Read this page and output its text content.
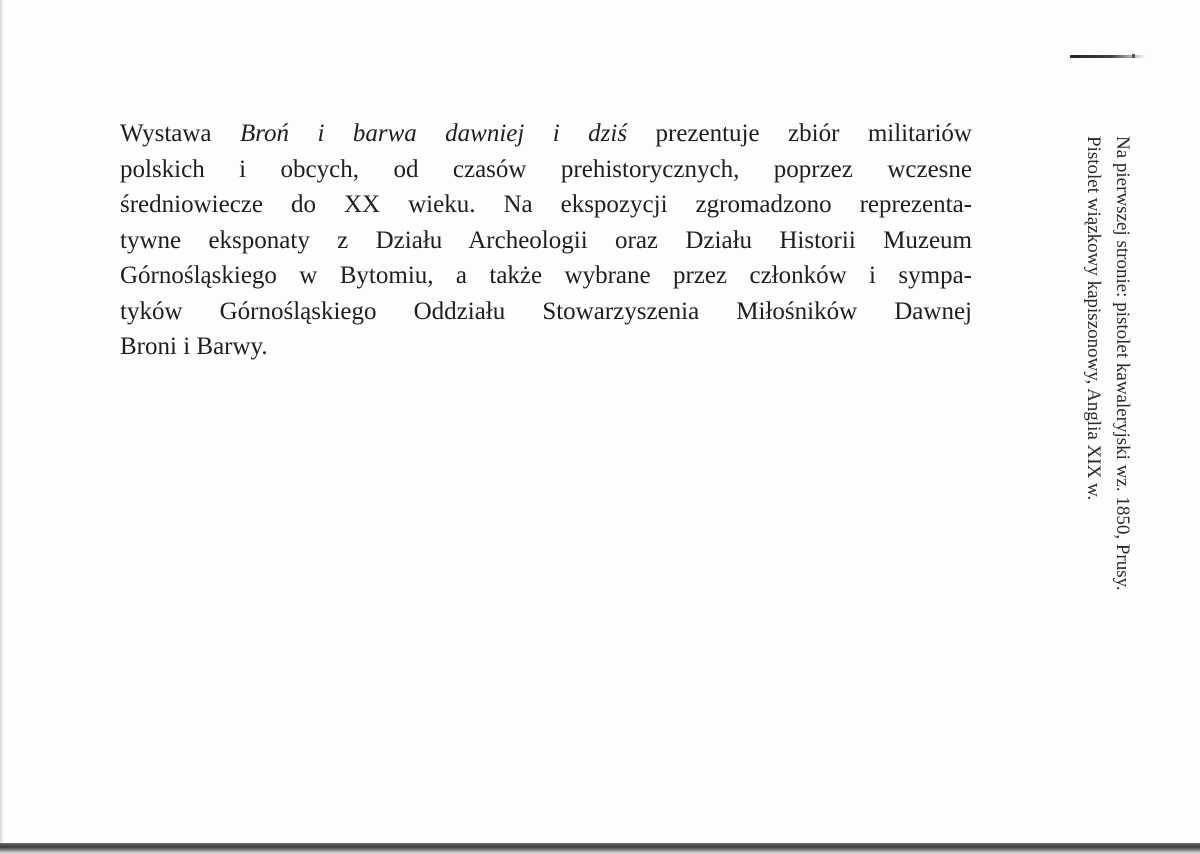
Wystawa Broń i barwa dawniej i dziś prezentuje zbiór militariów
polskich i obcych, od czasów prehistorycznych, poprzez wczesne
średniowiecze do XX wieku. Na ekspozycji zgromadzono reprezenta-
tywne eksponaty z Działu Archeologii oraz Działu Historii Muzeum
Górnośląskiego w Bytomiu, a także wybrane przez członków i sympa-
tyków Górnośląskiego Oddziału Stowarzyszenia Miłośników Dawnej
Broni i Barwy.	Na pierwszej stronie: pistolet kawaleryjski wz. 1850, Prusy.
Pistolet wiązkowy kapiszonowy, Anglia XIX w.
